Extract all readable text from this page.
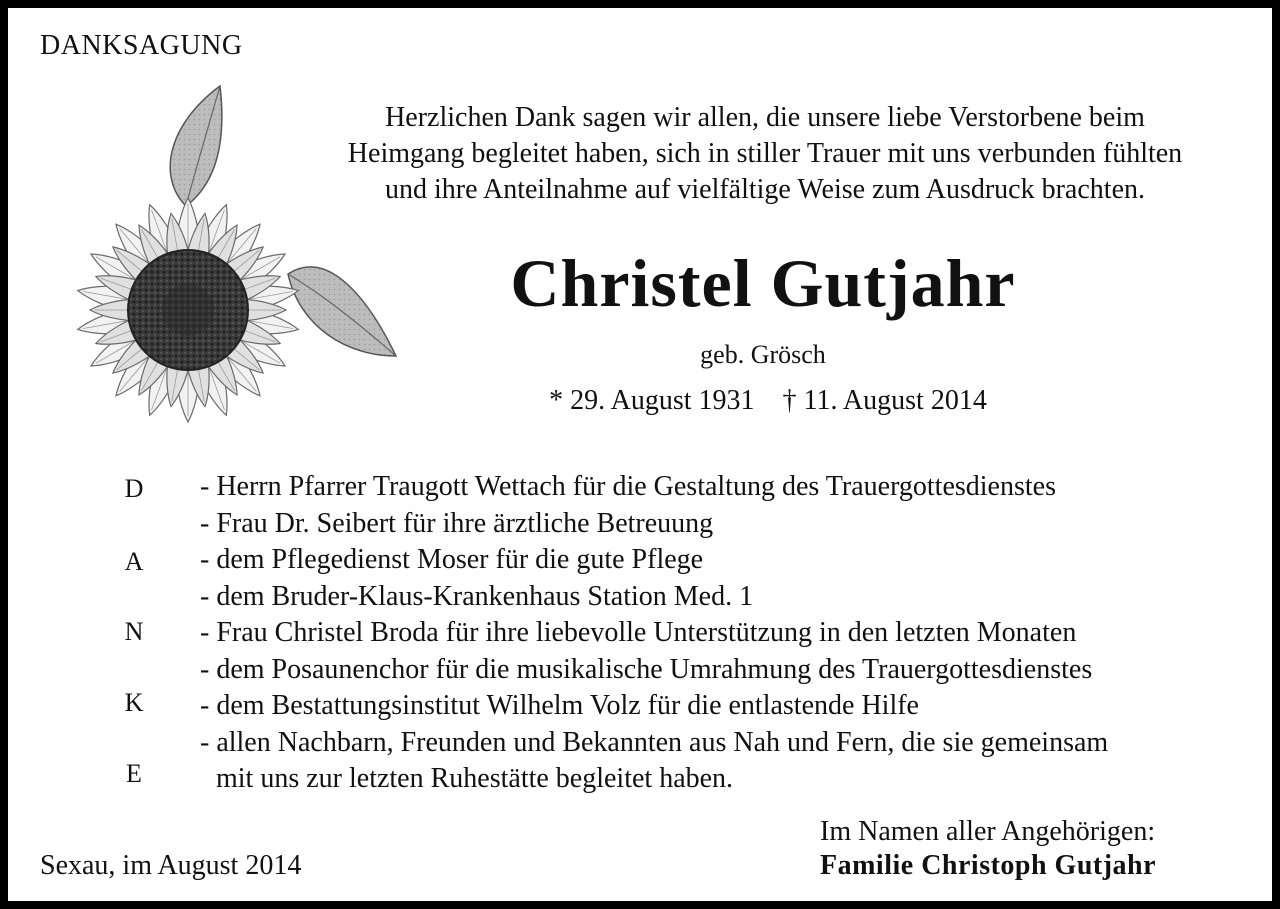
DANKSAGUNG
Herzlichen Dank sagen wir allen, die unsere liebe Verstorbene beim
Heimgang begleitet haben, sich in stiller Trauer mit uns verbunden fühlten
und ihre Anteilnahme auf vielfältige Weise zum Ausdruck brachten.
Christel Gutjahr
geb. Grösch
* 29. August 1931 † 11. August 2014
D
A
N
K
E
- Herrn Pfarrer Traugott Wettach für die Gestaltung des Trauergottesdienstes
- Frau Dr. Seibert für ihre ärztliche Betreuung
- dem Pflegedienst Moser für die gute Pflege
- dem Bruder-Klaus-Krankenhaus Station Med. 1
- Frau Christel Broda für ihre liebevolle Unterstützung in den letzten Monaten
- dem Posaunenchor für die musikalische Umrahmung des Trauergottesdienstes
- dem Bestattungsinstitut Wilhelm Volz für die entlastende Hilfe
- allen Nachbarn, Freunden und Bekannten aus Nah und Fern, die sie gemeinsam
mit uns zur letzten Ruhestätte begleitet haben.
Sexau, im August 2014
Im Namen aller Angehörigen:
Familie Christoph Gutjahr
